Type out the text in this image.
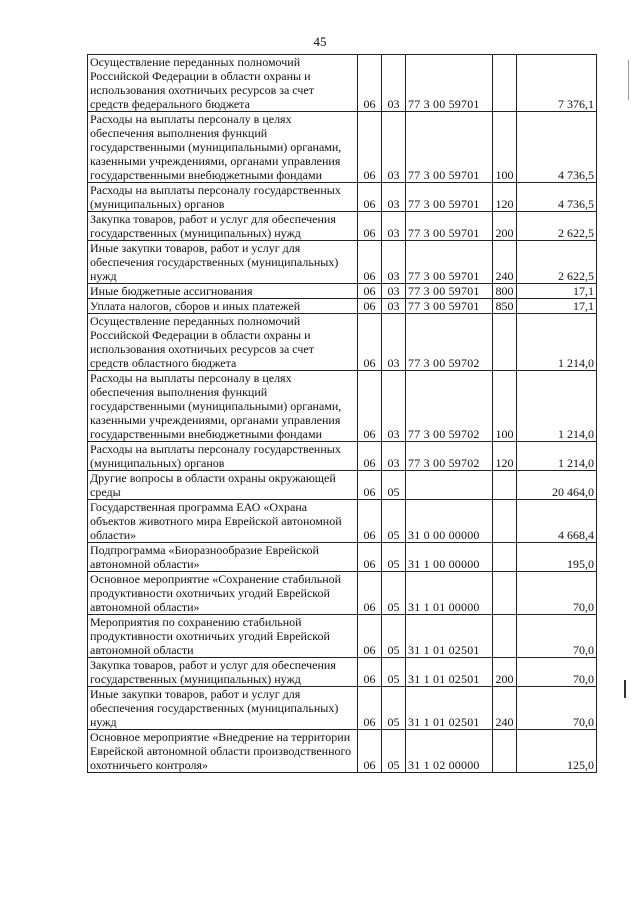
45
Осуществление переданных полномочий Российской Федерации в области охраны и использования охотничьих ресурсов за счет средств федерального бюджета	06	03	77 3 00 59701		7 376,1
Расходы на выплаты персоналу в целях обеспечения выполнения функций государственными (муниципальными) органами, казенными учреждениями, органами управления государственными внебюджетными фондами	06	03	77 3 00 59701	100	4 736,5
Расходы на выплаты персоналу государственных (муниципальных) органов	06	03	77 3 00 59701	120	4 736,5
Закупка товаров, работ и услуг для обеспечения государственных (муниципальных) нужд	06	03	77 3 00 59701	200	2 622,5
Иные закупки товаров, работ и услуг для обеспечения государственных (муниципальных) нужд	06	03	77 3 00 59701	240	2 622,5
Иные бюджетные ассигнования	06	03	77 3 00 59701	800	17,1
Уплата налогов, сборов и иных платежей	06	03	77 3 00 59701	850	17,1
Осуществление переданных полномочий Российской Федерации в области охраны и использования охотничьих ресурсов за счет средств областного бюджета	06	03	77 3 00 59702		1 214,0
Расходы на выплаты персоналу в целях обеспечения выполнения функций государственными (муниципальными) органами, казенными учреждениями, органами управления государственными внебюджетными фондами	06	03	77 3 00 59702	100	1 214,0
Расходы на выплаты персоналу государственных (муниципальных) органов	06	03	77 3 00 59702	120	1 214,0
Другие вопросы в области охраны окружающей среды	06	05			20 464,0
Государственная программа ЕАО «Охрана объектов животного мира Еврейской автономной области»	06	05	31 0 00 00000		4 668,4
Подпрограмма «Биоразнообразие Еврейской автономной области»	06	05	31 1 00 00000		195,0
Основное мероприятие «Сохранение стабильной продуктивности охотничьих угодий Еврейской автономной области»	06	05	31 1 01 00000		70,0
Мероприятия по сохранению стабильной продуктивности охотничьих угодий Еврейской автономной области	06	05	31 1 01 02501		70,0
Закупка товаров, работ и услуг для обеспечения государственных (муниципальных) нужд	06	05	31 1 01 02501	200	70,0
Иные закупки товаров, работ и услуг для обеспечения государственных (муниципальных) нужд	06	05	31 1 01 02501	240	70,0
Основное мероприятие «Внедрение на территории Еврейской автономной области производственного охотничьего контроля»	06	05	31 1 02 00000		125,0
